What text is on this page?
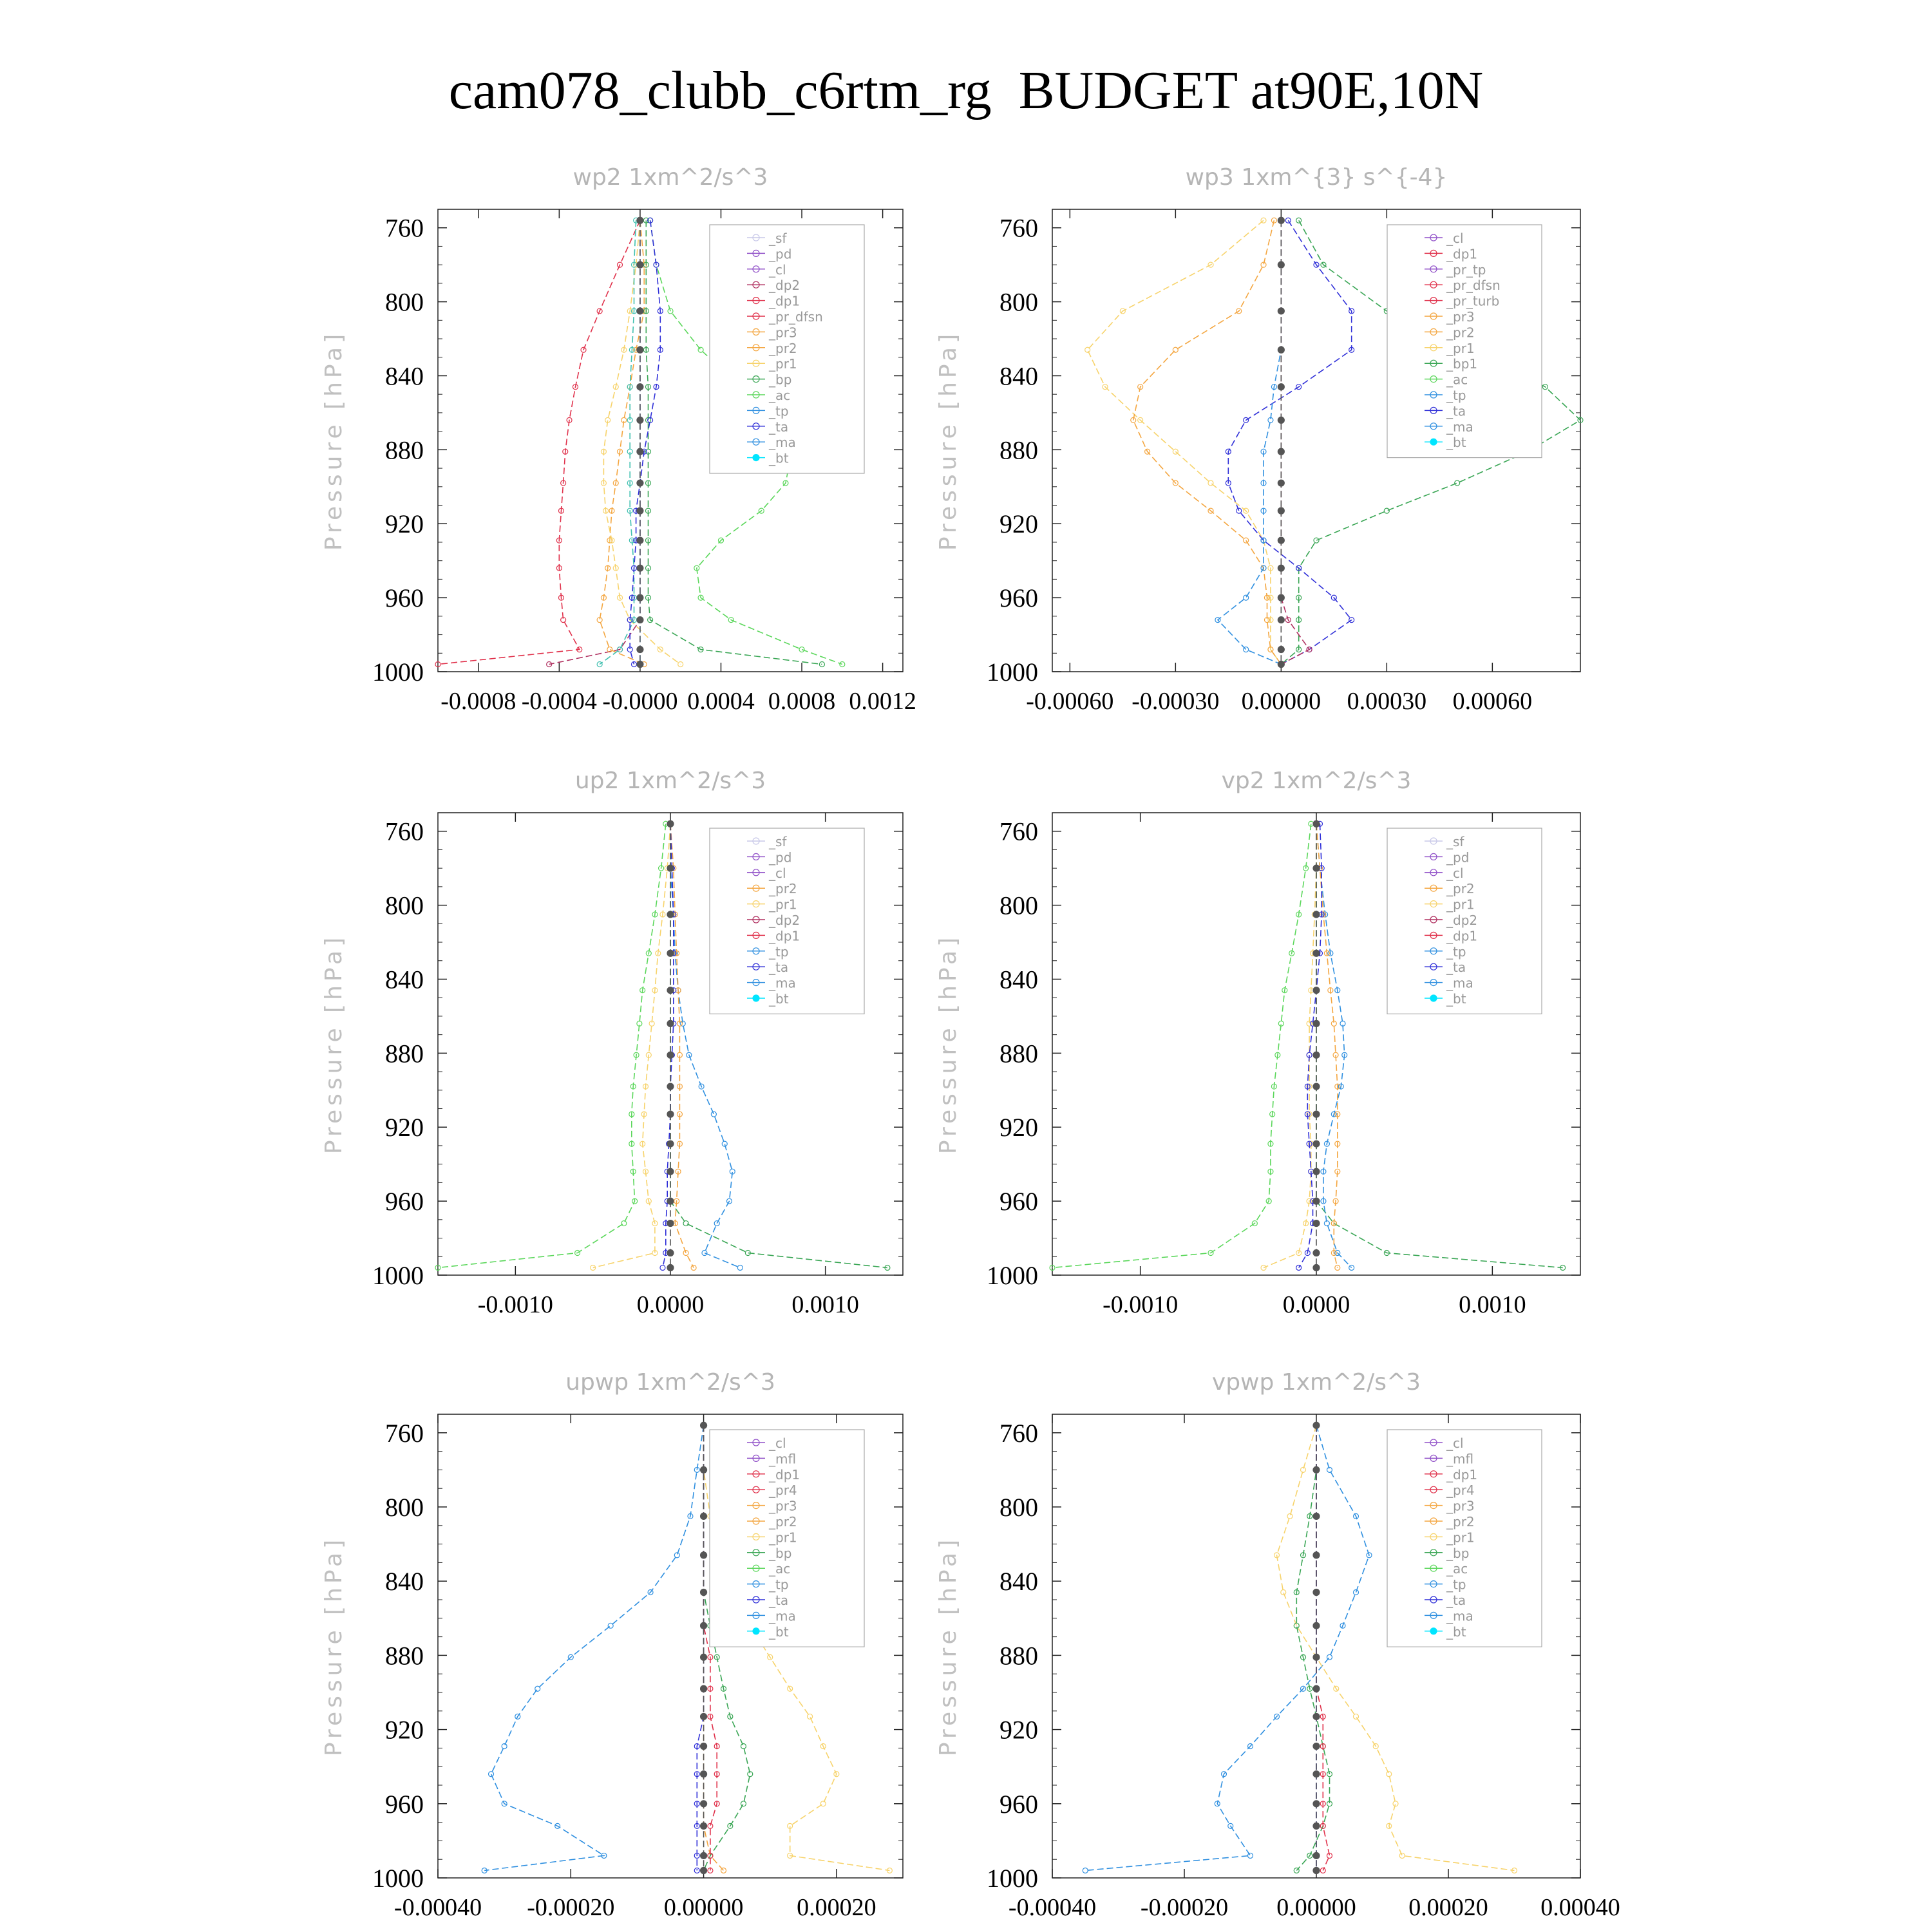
cam078_clubb_c6rtm_rg  BUDGET at90E,10N
wp2 1xm^2/s^3
Pressure [hPa]
760
800
840
880
920
960
1000
-0.0008 -0.0004 -0.0000 0.0004 0.0008 0.0012
_sf
_pd
_cl
_dp2
_dp1
_pr_dfsn
_pr3
_pr2
_pr1
_bp
_ac
_tp
_ta
_ma
_bt
wp3 1xm^{3} s^{-4}
Pressure [hPa]
760
800
840
880
920
960
1000
-0.00060 -0.00030 0.00000 0.00030 0.00060
_cl
_dp1
_pr_tp
_pr_dfsn
_pr_turb
_pr3
_pr2
_pr1
_bp1
_ac
_tp
_ta
_ma
_bt
up2 1xm^2/s^3
Pressure [hPa]
760
800
840
880
920
960
1000
-0.0010	0.0000	0.0010
_sf
_pd
_cl
_pr2
_pr1
_dp2
_dp1
_tp
_ta
_ma
_bt
vp2 1xm^2/s^3
Pressure [hPa]
760
800
840
880
920
960
1000
-0.0010	0.0000	0.0010
_sf
_pd
_cl
_pr2
_pr1
_dp2
_dp1
_tp
_ta
_ma
_bt
upwp 1xm^2/s^3
Pressure [hPa]
760
800
840
880
920
960
1000
-0.00040 -0.00020 0.00000 0.00020
_cl
_mfl
_dp1
_pr4
_pr3
_pr2
_pr1
_bp
_ac
_tp
_ta
_ma
_bt
vpwp 1xm^2/s^3
Pressure [hPa]
760
800
840
880
920
960
1000
-0.00040 -0.00020 0.00000 0.00020 0.00040
_cl
_mfl
_dp1
_pr4
_pr3
_pr2
_pr1
_bp
_ac
_tp
_ta
_ma
_bt
